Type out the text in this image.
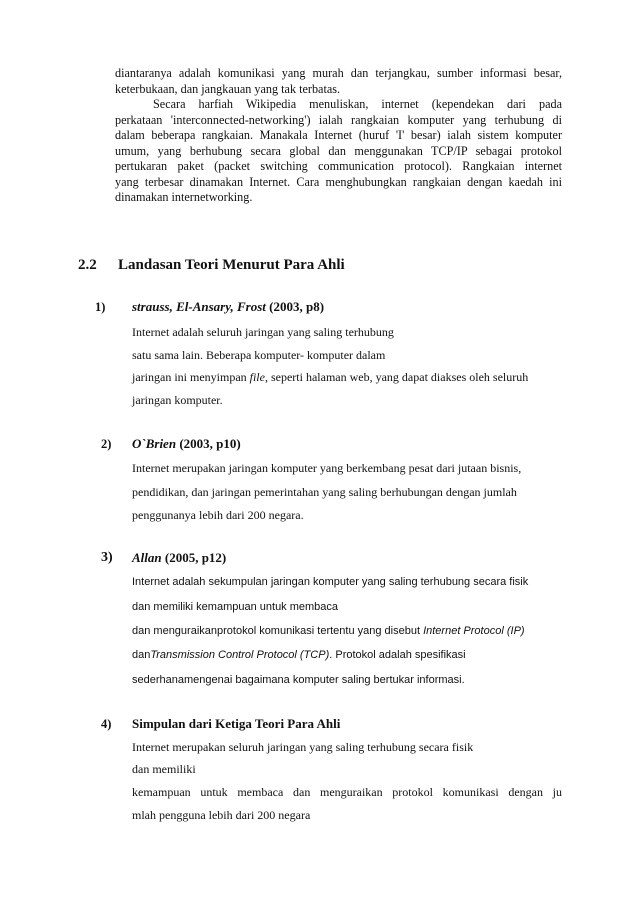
diantaranya adalah komunikasi yang murah dan terjangkau, sumber informasi besar,

keterbukaan, dan jangkauan yang tak terbatas.

Secara harfiah Wikipedia menuliskan, internet (kependekan dari pada

perkataan 'interconnected-networking') ialah rangkaian komputer yang terhubung di

dalam beberapa rangkaian. Manakala Internet (huruf 'I' besar) ialah sistem komputer

umum, yang berhubung secara global dan menggunakan TCP/IP sebagai protokol

pertukaran paket (packet switching communication protocol). Rangkaian internet

yang terbesar dinamakan Internet. Cara menghubungkan rangkaian dengan kaedah ini

dinamakan internetworking.

2.2 Landasan Teori Menurut Para Ahli
1) strauss, El-Ansary, Frost (2003, p8)
Internet adalah seluruh jaringan yang saling terhubung
satu sama lain. Beberapa komputer- komputer dalam
jaringan ini menyimpan file, seperti halaman web, yang dapat diakses oleh seluruh
jaringan komputer.
2) O`Brien (2003, p10)
Internet merupakan jaringan komputer yang berkembang pesat dari jutaan bisnis,
pendidikan, dan jaringan pemerintahan yang saling berhubungan dengan jumlah
penggunanya lebih dari 200 negara.
3) Allan (2005, p12)
Internet adalah sekumpulan jaringan komputer yang saling terhubung secara fisik
dan memiliki kemampuan untuk membaca
dan menguraikanprotokol komunikasi tertentu yang disebut Internet Protocol (IP)
danTransmission Control Protocol (TCP). Protokol adalah spesifikasi
sederhanamengenai bagaimana komputer saling bertukar informasi.
4) Simpulan dari Ketiga Teori Para Ahli
Internet merupakan seluruh jaringan yang saling terhubung secara fisik
dan memiliki
kemampuan untuk membaca dan menguraikan protokol komunikasi dengan ju
mlah pengguna lebih dari 200 negara
